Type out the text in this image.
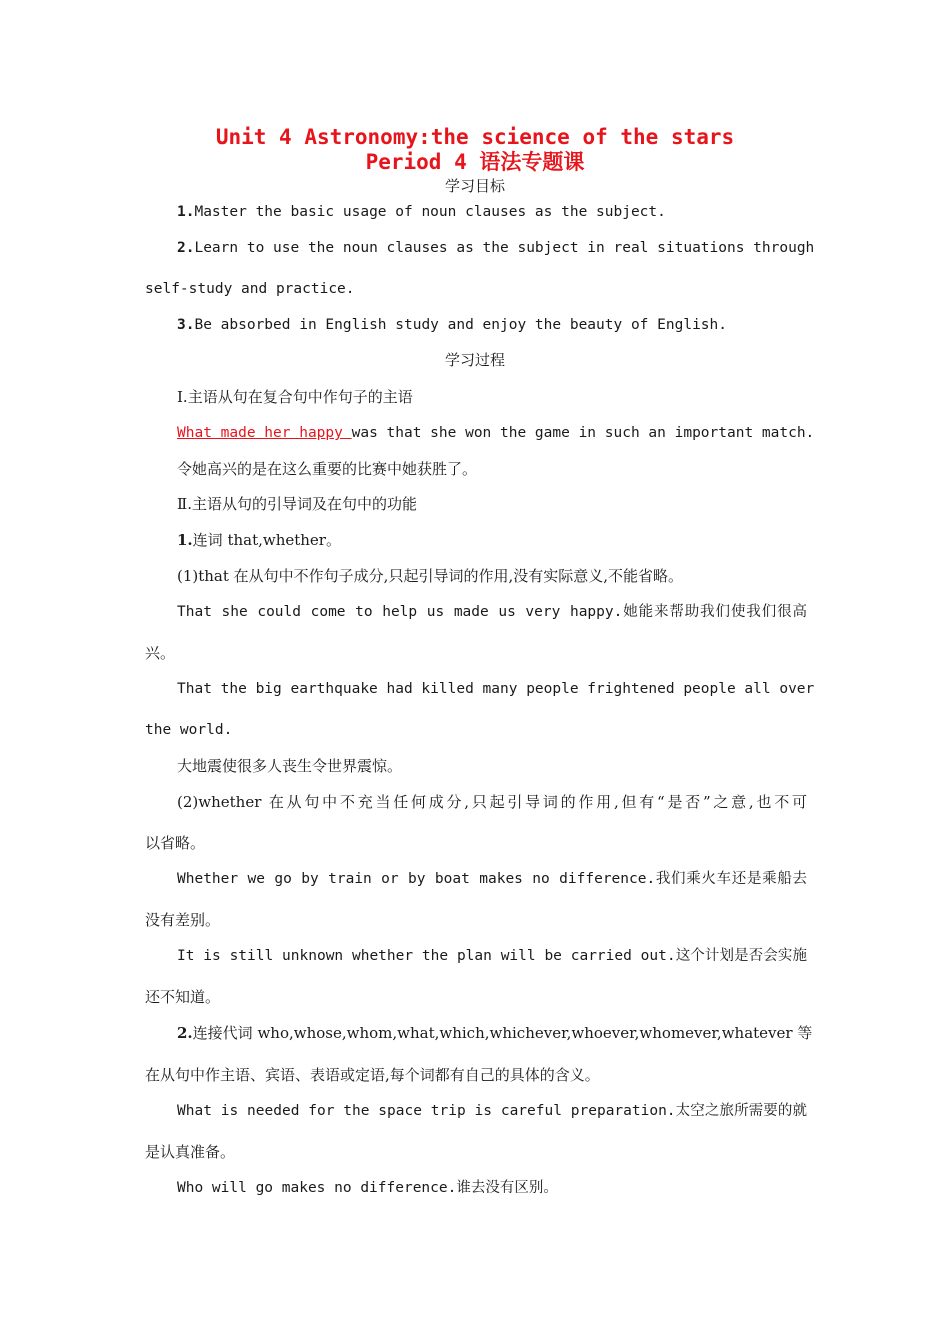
Unit 4 Astronomy:the science of the stars
Period 4 语法专题课
学习目标
1.Master the basic usage of noun clauses as the subject.
2.Learn to use the noun clauses as the subject in real situations through
self-study and practice.
3.Be absorbed in English study and enjoy the beauty of English.
学习过程
Ⅰ.主语从句在复合句中作句子的主语
What made her happy was that she won the game in such an important match.
令她高兴的是在这么重要的比赛中她获胜了。
Ⅱ.主语从句的引导词及在句中的功能
1.连词 that,whether。
(1)that 在从句中不作句子成分,只起引导词的作用,没有实际意义,不能省略。
That she could come to help us made us very happy.她能来帮助我们使我们很高
兴。
That the big earthquake had killed many people frightened people all over
the world.
大地震使很多人丧生令世界震惊。
(2)whether 在从句中不充当任何成分,只起引导词的作用,但有“是否”之意,也不可
以省略。
Whether we go by train or by boat makes no difference.我们乘火车还是乘船去
没有差别。
It is still unknown whether the plan will be carried out.这个计划是否会实施
还不知道。
2.连接代词 who,whose,whom,what,which,whichever,whoever,whomever,whatever 等
在从句中作主语、宾语、表语或定语,每个词都有自己的具体的含义。
What is needed for the space trip is careful preparation.太空之旅所需要的就
是认真准备。
Who will go makes no difference.谁去没有区别。
